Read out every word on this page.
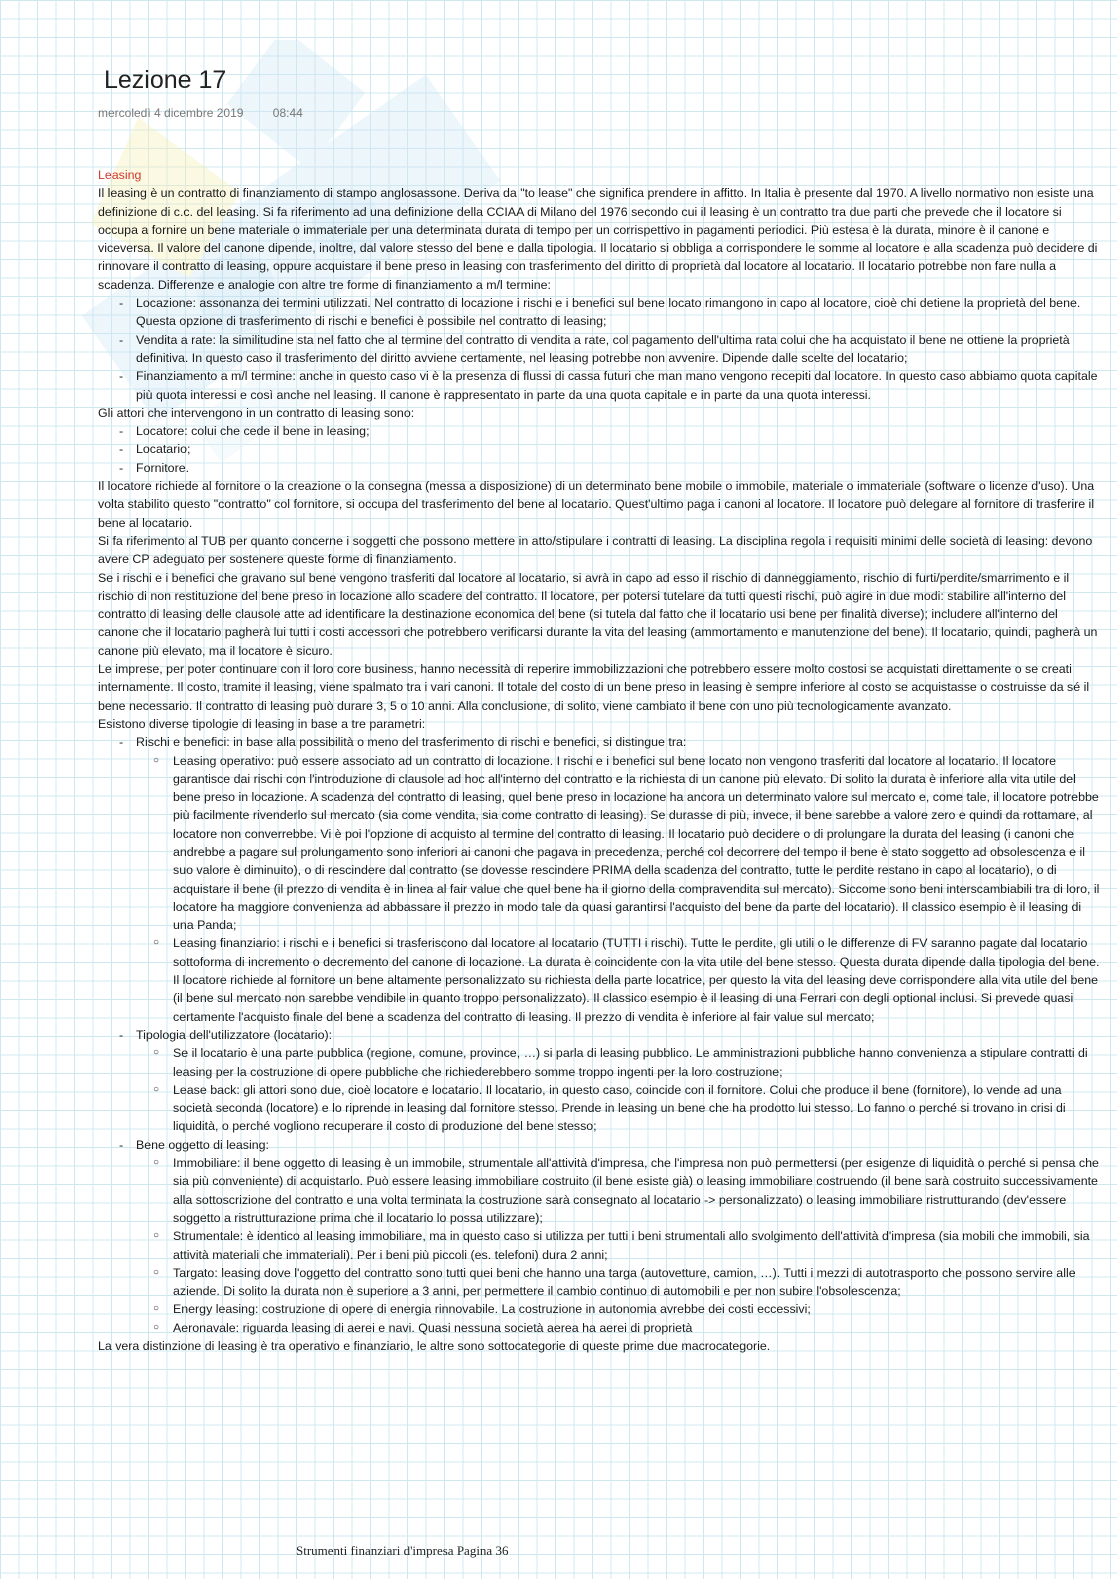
Lezione 17
mercoledì 4 dicembre 2019 08:44

Leasing

Il leasing è un contratto di finanziamento di stampo anglosassone. Deriva da "to lease" che significa prendere in affitto. In Italia è presente dal 1970. A livello normativo non esiste una definizione di c.c. del leasing. Si fa riferimento ad una definizione della CCIAA di Milano del 1976 secondo cui il leasing è un contratto tra due parti che prevede che il locatore si occupa a fornire un bene materiale o immateriale per una determinata durata di tempo per un corrispettivo in pagamenti periodici. Più estesa è la durata, minore è il canone e viceversa. Il valore del canone dipende, inoltre, dal valore stesso del bene e dalla tipologia. Il locatario si obbliga a corrispondere le somme al locatore e alla scadenza può decidere di rinnovare il contratto di leasing, oppure acquistare il bene preso in leasing con trasferimento del diritto di proprietà dal locatore al locatario. Il locatario potrebbe non fare nulla a scadenza. Differenze e analogie con altre tre forme di finanziamento a m/l termine:

- Locazione: assonanza dei termini utilizzati. Nel contratto di locazione i rischi e i benefici sul bene locato rimangono in capo al locatore, cioè chi detiene la proprietà del bene. Questa opzione di trasferimento di rischi e benefici è possibile nel contratto di leasing;
- Vendita a rate: la similitudine sta nel fatto che al termine del contratto di vendita a rate, col pagamento dell'ultima rata colui che ha acquistato il bene ne ottiene la proprietà definitiva. In questo caso il trasferimento del diritto avviene certamente, nel leasing potrebbe non avvenire. Dipende dalle scelte del locatario;
- Finanziamento a m/l termine: anche in questo caso vi è la presenza di flussi di cassa futuri che man mano vengono recepiti dal locatore. In questo caso abbiamo quota capitale più quota interessi e così anche nel leasing. Il canone è rappresentato in parte da una quota capitale e in parte da una quota interessi.

Gli attori che intervengono in un contratto di leasing sono:

- Locatore: colui che cede il bene in leasing;
- Locatario;
- Fornitore.

Il locatore richiede al fornitore o la creazione o la consegna (messa a disposizione) di un determinato bene mobile o immobile, materiale o immateriale (software o licenze d'uso). Una volta stabilito questo "contratto" col fornitore, si occupa del trasferimento del bene al locatario. Quest'ultimo paga i canoni al locatore. Il locatore può delegare al fornitore di trasferire il bene al locatario.

Si fa riferimento al TUB per quanto concerne i soggetti che possono mettere in atto/stipulare i contratti di leasing. La disciplina regola i requisiti minimi delle società di leasing: devono avere CP adeguato per sostenere queste forme di finanziamento.

Se i rischi e i benefici che gravano sul bene vengono trasferiti dal locatore al locatario, si avrà in capo ad esso il rischio di danneggiamento, rischio di furti/perdite/smarrimento e il rischio di non restituzione del bene preso in locazione allo scadere del contratto. Il locatore, per potersi tutelare da tutti questi rischi, può agire in due modi: stabilire all'interno del contratto di leasing delle clausole atte ad identificare la destinazione economica del bene (si tutela dal fatto che il locatario usi bene per finalità diverse); includere all'interno del canone che il locatario pagherà lui tutti i costi accessori che potrebbero verificarsi durante la vita del leasing (ammortamento e manutenzione del bene). Il locatario, quindi, pagherà un canone più elevato, ma il locatore è sicuro.

Le imprese, per poter continuare con il loro core business, hanno necessità di reperire immobilizzazioni che potrebbero essere molto costosi se acquistati direttamente o se creati internamente. Il costo, tramite il leasing, viene spalmato tra i vari canoni. Il totale del costo di un bene preso in leasing è sempre inferiore al costo se acquistasse o costruisse da sé il bene necessario. Il contratto di leasing può durare 3, 5 o 10 anni. Alla conclusione, di solito, viene cambiato il bene con uno più tecnologicamente avanzato.

Esistono diverse tipologie di leasing in base a tre parametri:

- Rischi e benefici: in base alla possibilità o meno del trasferimento di rischi e benefici, si distingue tra:
○ Leasing operativo: può essere associato ad un contratto di locazione. I rischi e i benefici sul bene locato non vengono trasferiti dal locatore al locatario. Il locatore garantisce dai rischi con l'introduzione di clausole ad hoc all'interno del contratto e la richiesta di un canone più elevato. Di solito la durata è inferiore alla vita utile del bene preso in locazione. A scadenza del contratto di leasing, quel bene preso in locazione ha ancora un determinato valore sul mercato e, come tale, il locatore potrebbe più facilmente rivenderlo sul mercato (sia come vendita, sia come contratto di leasing). Se durasse di più, invece, il bene sarebbe a valore zero e quindi da rottamare, al locatore non converrebbe. Vi è poi l'opzione di acquisto al termine del contratto di leasing. Il locatario può decidere o di prolungare la durata del leasing (i canoni che andrebbe a pagare sul prolungamento sono inferiori ai canoni che pagava in precedenza, perché col decorrere del tempo il bene è stato soggetto ad obsolescenza e il suo valore è diminuito), o di rescindere dal contratto (se dovesse rescindere PRIMA della scadenza del contratto, tutte le perdite restano in capo al locatario), o di acquistare il bene (il prezzo di vendita è in linea al fair value che quel bene ha il giorno della compravendita sul mercato). Siccome sono beni interscambiabili tra di loro, il locatore ha maggiore convenienza ad abbassare il prezzo in modo tale da quasi garantirsi l'acquisto del bene da parte del locatario). Il classico esempio è il leasing di una Panda;
○ Leasing finanziario: i rischi e i benefici si trasferiscono dal locatore al locatario (TUTTI i rischi). Tutte le perdite, gli utili o le differenze di FV saranno pagate dal locatario sottoforma di incremento o decremento del canone di locazione. La durata è coincidente con la vita utile del bene stesso. Questa durata dipende dalla tipologia del bene. Il locatore richiede al fornitore un bene altamente personalizzato su richiesta della parte locatrice, per questo la vita del leasing deve corrispondere alla vita utile del bene (il bene sul mercato non sarebbe vendibile in quanto troppo personalizzato). Il classico esempio è il leasing di una Ferrari con degli optional inclusi. Si prevede quasi certamente l'acquisto finale del bene a scadenza del contratto di leasing. Il prezzo di vendita è inferiore al fair value sul mercato;
- Tipologia dell'utilizzatore (locatario):
○ Se il locatario è una parte pubblica (regione, comune, province, …) si parla di leasing pubblico. Le amministrazioni pubbliche hanno convenienza a stipulare contratti di leasing per la costruzione di opere pubbliche che richiederebbero somme troppo ingenti per la loro costruzione;
○ Lease back: gli attori sono due, cioè locatore e locatario. Il locatario, in questo caso, coincide con il fornitore. Colui che produce il bene (fornitore), lo vende ad una società seconda (locatore) e lo riprende in leasing dal fornitore stesso. Prende in leasing un bene che ha prodotto lui stesso. Lo fanno o perché si trovano in crisi di liquidità, o perché vogliono recuperare il costo di produzione del bene stesso;
- Bene oggetto di leasing:
○ Immobiliare: il bene oggetto di leasing è un immobile, strumentale all'attività d'impresa, che l'impresa non può permettersi (per esigenze di liquidità o perché si pensa che sia più conveniente) di acquistarlo. Può essere leasing immobiliare costruito (il bene esiste già) o leasing immobiliare costruendo (il bene sarà costruito successivamente alla sottoscrizione del contratto e una volta terminata la costruzione sarà consegnato al locatario -> personalizzato) o leasing immobiliare ristrutturando (dev'essere soggetto a ristrutturazione prima che il locatario lo possa utilizzare);
○ Strumentale: è identico al leasing immobiliare, ma in questo caso si utilizza per tutti i beni strumentali allo svolgimento dell'attività d'impresa (sia mobili che immobili, sia attività materiali che immateriali). Per i beni più piccoli (es. telefoni) dura 2 anni;
○ Targato: leasing dove l'oggetto del contratto sono tutti quei beni che hanno una targa (autovetture, camion, …). Tutti i mezzi di autotrasporto che possono servire alle aziende. Di solito la durata non è superiore a 3 anni, per permettere il cambio continuo di automobili e per non subire l'obsolescenza;
○ Energy leasing: costruzione di opere di energia rinnovabile. La costruzione in autonomia avrebbe dei costi eccessivi;
○ Aeronavale: riguarda leasing di aerei e navi. Quasi nessuna società aerea ha aerei di proprietà

La vera distinzione di leasing è tra operativo e finanziario, le altre sono sottocategorie di queste prime due macrocategorie.

Strumenti finanziari d'impresa Pagina 36
